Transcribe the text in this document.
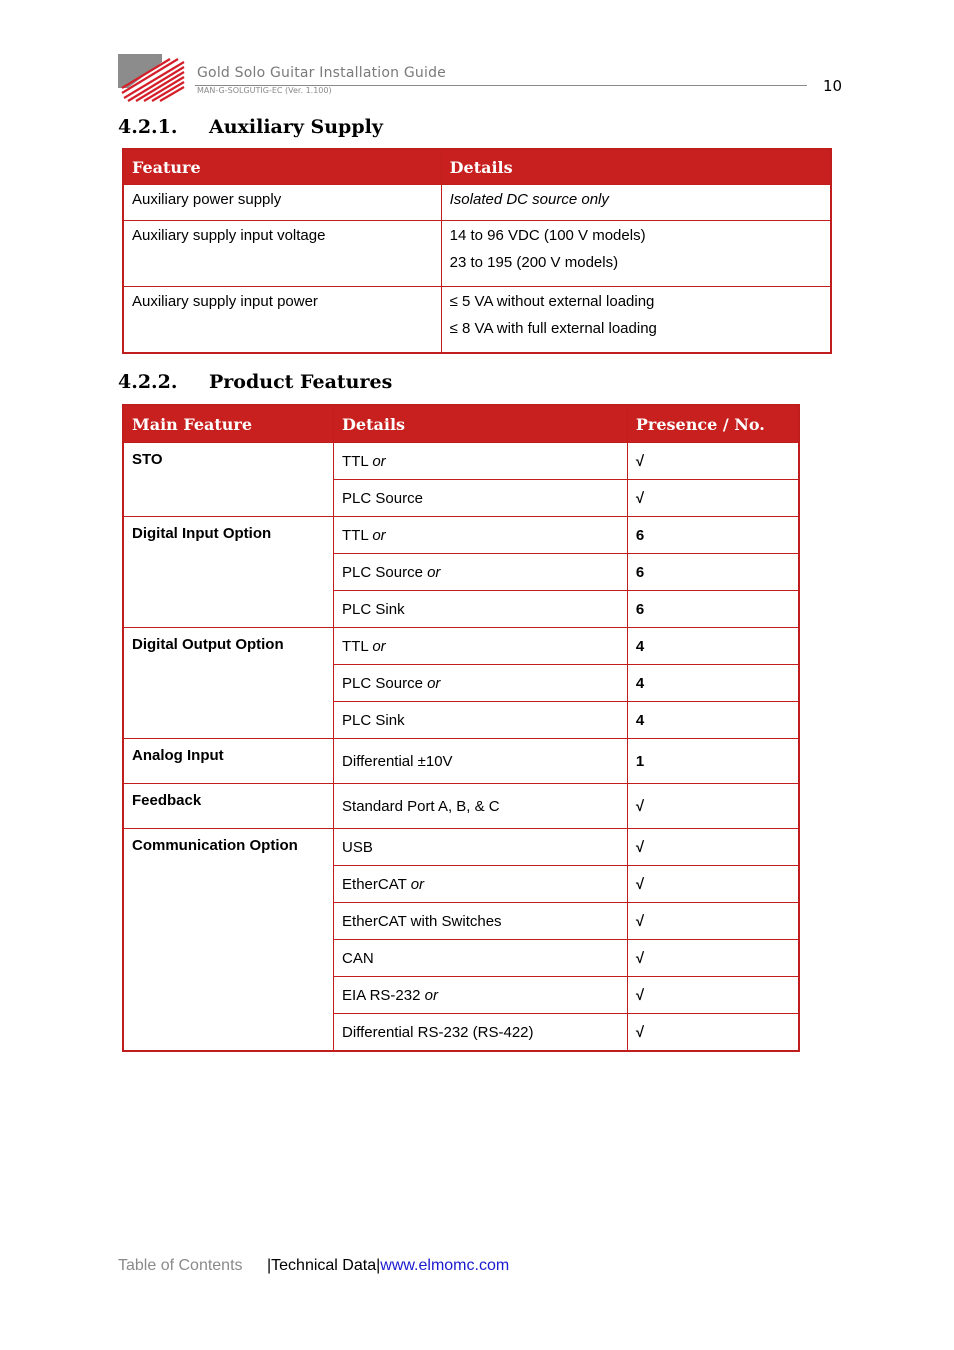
Gold Solo Guitar Installation Guide
MAN-G-SOLGUTIG-EC (Ver. 1.100)	10
4.2.1. Auxiliary Supply
Feature	Details
Auxiliary power supply	Isolated DC source only

Auxiliary supply input voltage	14 to 96 VDC (100 V models)
23 to 195 (200 V models)

Auxiliary supply input power	≤ 5 VA without external loading
≤ 8 VA with full external loading
4.2.2. Product Features
Main Feature	Details	Presence / No.
STO	TTL or	√
	PLC Source	√
Digital Input Option	TTL or	6
	PLC Source or	6
	PLC Sink	6
Digital Output Option	TTL or	4
	PLC Source or	4
	PLC Sink	4
Analog Input	Differential ±10V	1
Feedback	Standard Port A, B, & C	√
Communication Option	USB	√
	EtherCAT or	√
	EtherCAT with Switches	√
	CAN	√
	EIA RS-232 or	√
	Differential RS-232 (RS-422)	√
Table of Contents |Technical Data|www.elmomc.com
